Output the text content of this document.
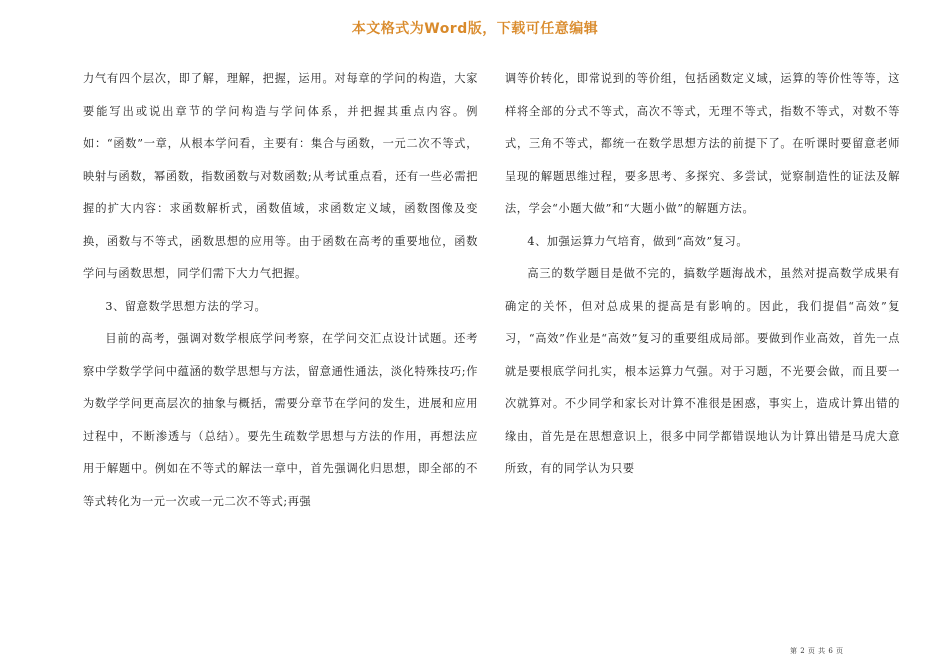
本文格式为Word版，下载可任意编辑

力气有四个层次，即了解，理解，把握，运用。对每章的学问的构造，大家要能写出或说出章节的学问构造与学问体系，并把握其重点内容。例如：“函数”一章，从根本学问看，主要有：集合与函数，一元二次不等式，映射与函数，幂函数，指数函数与对数函数;从考试重点看，还有一些必需把握的扩大内容：求函数解析式，函数值域，求函数定义域，函数图像及变换，函数与不等式，函数思想的应用等。由于函数在高考的重要地位，函数学问与函数思想，同学们需下大力气把握。

3、留意数学思想方法的学习。

目前的高考，强调对数学根底学问考察，在学问交汇点设计试题。还考察中学数学学问中蕴涵的数学思想与方法，留意通性通法，淡化特殊技巧;作为数学学问更高层次的抽象与概括，需要分章节在学问的发生，进展和应用过程中，不断渗透与（总结）。要先生疏数学思想与方法的作用，再想法应用于解题中。例如在不等式的解法一章中，首先强调化归思想，即全部的不等式转化为一元一次或一元二次不等式;再强

调等价转化，即常说到的等价组，包括函数定义域，运算的等价性等等，这样将全部的分式不等式，高次不等式，无理不等式，指数不等式，对数不等式，三角不等式，都统一在数学思想方法的前提下了。在听课时要留意老师呈现的解题思维过程，要多思考、多探究、多尝试，觉察制造性的证法及解法，学会“小题大做”和“大题小做”的解题方法。

4、加强运算力气培育，做到“高效”复习。

高三的数学题目是做不完的，搞数学题海战术，虽然对提高数学成果有确定的关怀，但对总成果的提高是有影响的。因此，我们提倡“高效”复习，“高效”作业是“高效”复习的重要组成局部。要做到作业高效，首先一点就是要根底学问扎实，根本运算力气强。对于习题，不光要会做，而且要一次就算对。不少同学和家长对计算不准很是困惑，事实上，造成计算出错的缘由，首先是在思想意识上，很多中同学都错误地认为计算出错是马虎大意所致，有的同学认为只要

第 2 页 共 6 页
